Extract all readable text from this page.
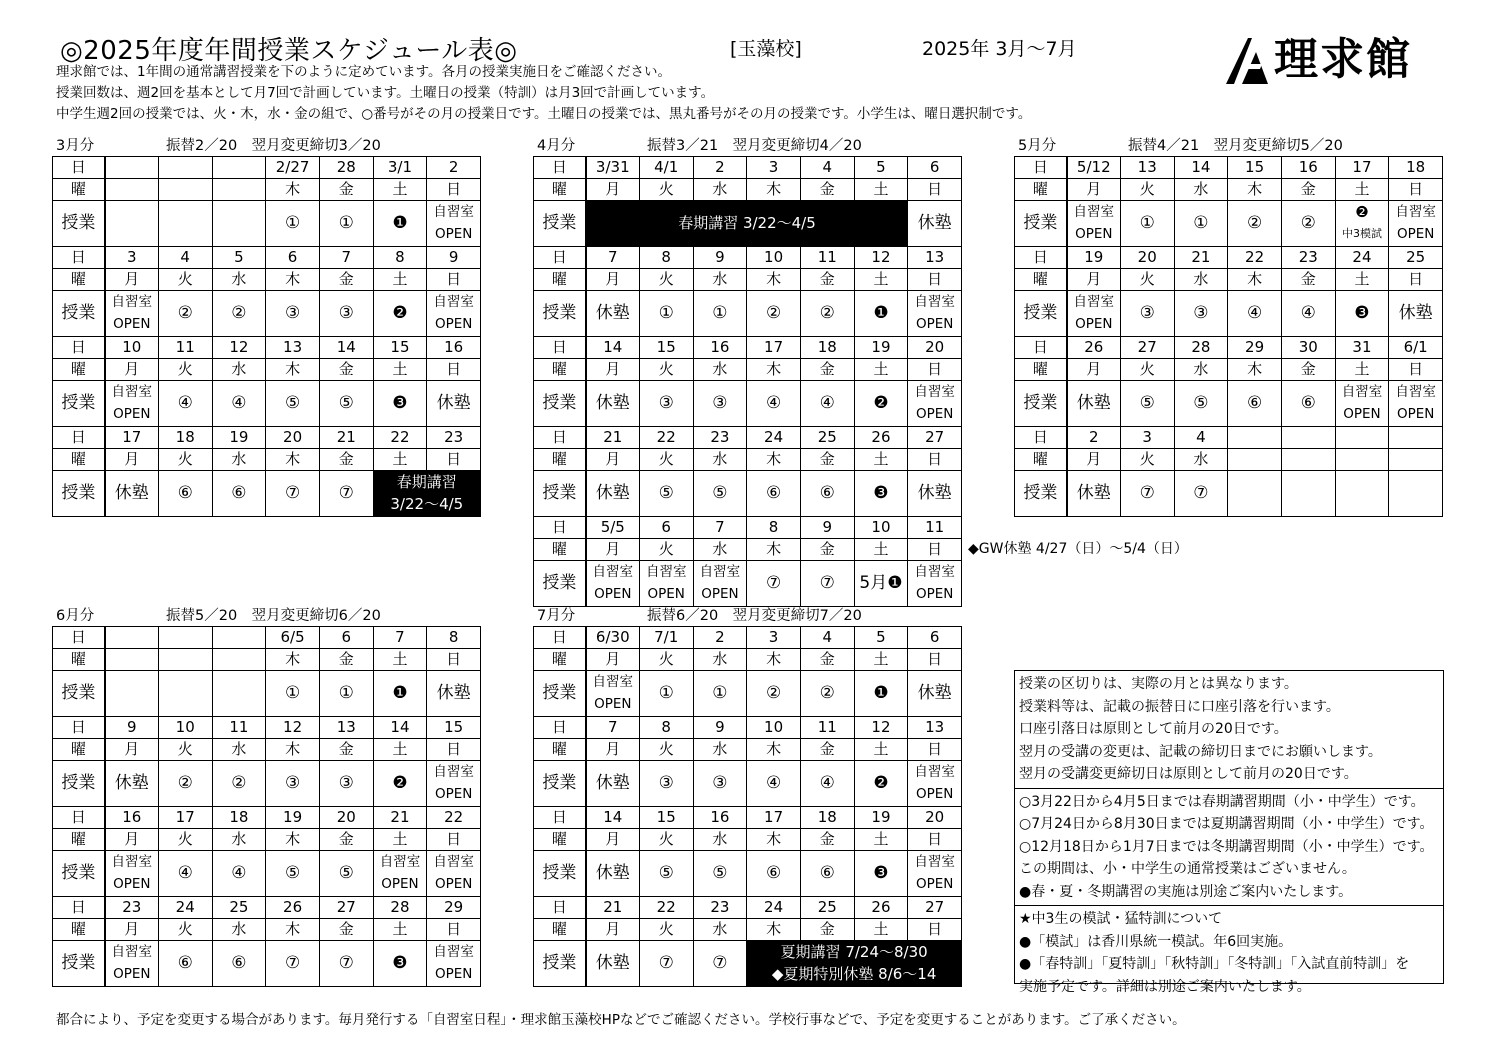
◎2025年度年間授業スケジュール表◎	[玉藻校]	2025年 3月～7月	理求館
理求館では、1年間の通常講習授業を下のように定めています。各月の授業実施日をご確認ください。
授業回数は、週2回を基本として月7回で計画しています。土曜日の授業（特訓）は月3回で計画しています。
中学生週2回の授業では、火・木，水・金の組で、○番号がその月の授業日です。土曜日の授業では、黒丸番号がその月の授業です。小学生は、曜日選択制です。
3月分	振替2／20　翌月変更締切3／20	4月分	振替3／21　翌月変更締切4／20	5月分	振替4／21　翌月変更締切5／20
6月分	振替5／20　翌月変更締切6／20	7月分	振替6／20　翌月変更締切7／20
日				2/27	28	3/1	2
曜				木	金	土	日
授業				①	①	❶	自習室
OPEN

日	3	4	5	6	7	8	9
曜	月	火	水	木	金	土	日
授業	自習室
OPEN	②	②	③	③	❷	自習室
OPEN

日	10	11	12	13	14	15	16
曜	月	火	水	木	金	土	日
授業	自習室
OPEN	④	④	⑤	⑤	❸	休塾

日	17	18	19	20	21	22	23
曜	月	火	水	木	金	土	日
授業	休塾	⑥	⑥	⑦	⑦	春期講習
3/22～4/5	
日	3/31	4/1	2	3	4	5	6
曜	月	火	水	木	金	土	日
授業	春期講習 3/22～4/5						休塾

日	7	8	9	10	11	12	13
曜	月	火	水	木	金	土	日
授業	休塾	①	①	②	②	❶	自習室
OPEN

日	14	15	16	17	18	19	20
曜	月	火	水	木	金	土	日
授業	休塾	③	③	④	④	❷	自習室
OPEN

日	21	22	23	24	25	26	27
曜	月	火	水	木	金	土	日
授業	休塾	⑤	⑤	⑥	⑥	❸	休塾

日	5/5	6	7	8	9	10	11
曜	月	火	水	木	金	土	日
授業	自習室
OPEN	自習室
OPEN	自習室
OPEN	⑦	⑦	5月❶	自習室
OPEN
日	5/12	13	14	15	16	17	18
曜	月	火	水	木	金	土	日
授業	自習室
OPEN	①	①	②	②	❷
中3模試	自習室
OPEN

日	19	20	21	22	23	24	25
曜	月	火	水	木	金	土	日
授業	自習室
OPEN	③	③	④	④	❸	休塾

日	26	27	28	29	30	31	6/1
曜	月	火	水	木	金	土	日
授業	休塾	⑤	⑤	⑥	⑥	自習室
OPEN	自習室
OPEN

日	2	3	4				
曜	月	火	水				
授業	休塾	⑦	⑦				

日				6/5	6	7	8
曜				木	金	土	日
授業				①	①	❶	休塾

日	9	10	11	12	13	14	15
曜	月	火	水	木	金	土	日
授業	休塾	②	②	③	③	❷	自習室
OPEN

日	16	17	18	19	20	21	22
曜	月	火	水	木	金	土	日
授業	自習室
OPEN	④	④	⑤	⑤	自習室
OPEN	自習室
OPEN

日	23	24	25	26	27	28	29
曜	月	火	水	木	金	土	日
授業	自習室
OPEN	⑥	⑥	⑦	⑦	❸	自習室
OPEN
日	6/30	7/1	2	3	4	5	6
曜	月	火	水	木	金	土	日
授業	自習室
OPEN	①	①	②	②	❶	休塾

日	7	8	9	10	11	12	13
曜	月	火	水	木	金	土	日
授業	休塾	③	③	④	④	❷	自習室
OPEN

日	14	15	16	17	18	19	20
曜	月	火	水	木	金	土	日
授業	休塾	⑤	⑤	⑥	⑥	❸	自習室
OPEN

日	21	22	23	24	25	26	27
曜	月	火	水	木	金	土	日
授業	休塾	⑦	⑦	夏期講習 7/24～8/30
◆夏期特別休塾 8/6～14			
◆GW休塾 4/27（日）～5/4（日）

授業の区切りは、実際の月とは異なります。

授業料等は、記載の振替日に口座引落を行います。

口座引落日は原則として前月の20日です。

翌月の受講の変更は、記載の締切日までにお願いします。

翌月の受講変更締切日は原則として前月の20日です。

○3月22日から4月5日までは春期講習期間（小・中学生）です。

○7月24日から8月30日までは夏期講習期間（小・中学生）です。

○12月18日から1月7日までは冬期講習期間（小・中学生）です。

この期間は、小・中学生の通常授業はございません。

●春・夏・冬期講習の実施は別途ご案内いたします。

★中3生の模試・猛特訓について

●「模試」は香川県統一模試。年6回実施。

●「春特訓」「夏特訓」「秋特訓」「冬特訓」「入試直前特訓」を

実施予定です。詳細は別途ご案内いたします。

都合により、予定を変更する場合があります。毎月発行する「自習室日程」・理求館玉藻校HPなどでご確認ください。学校行事などで、予定を変更することがあります。ご了承ください。
